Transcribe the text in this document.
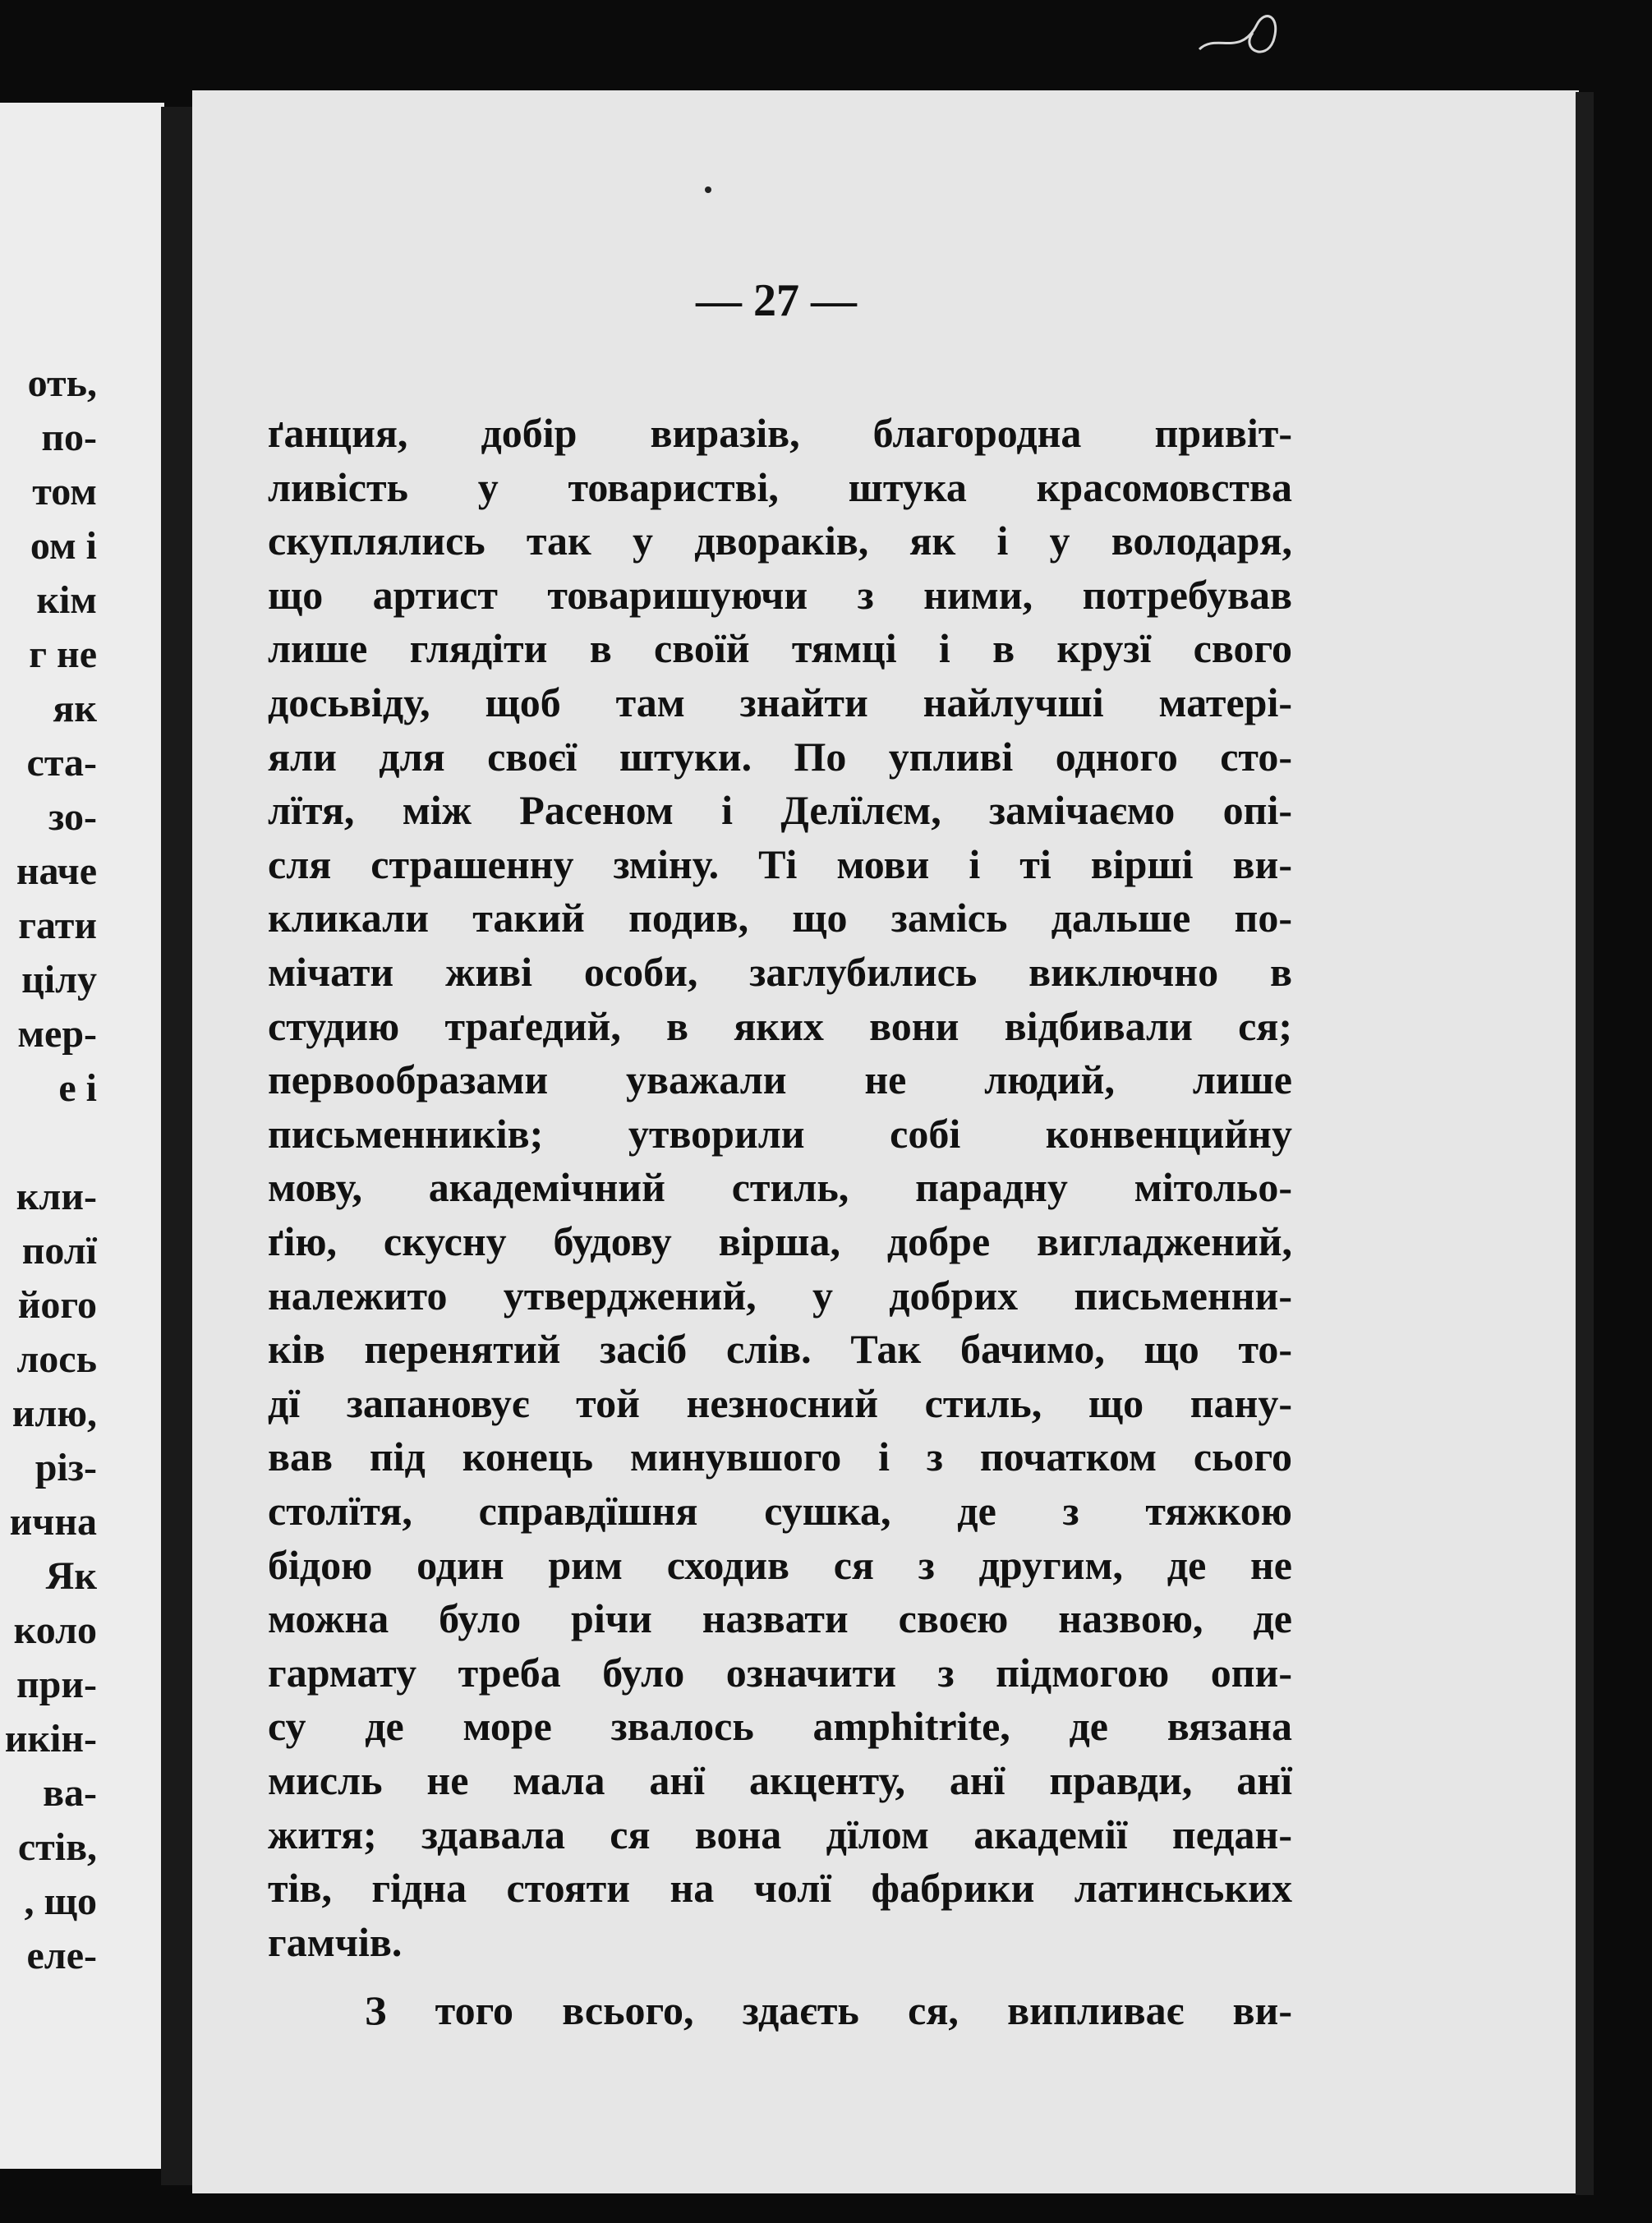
оть,
по-
том
ом і
кім
г не
як
ста-
зо-
наче
гати
цілу
мер-
е і
кли-
полї
його
лось
илю,
різ-
ична
Як
коло
при-
икін-
ва-
стів,
, що
еле-
— 27 —
ґанция, добір виразів, благородна привіт-
ливість у товаристві, штука красомовства
скуплялись так у двораків, як і у володаря,
що артист товаришуючи з ними, потребував
лише глядіти в своїй тямці і в крузї свого
досьвіду, щоб там знайти найлучші матері-
яли для своєї штуки. По упливі одного сто-
лїтя, між Расеном і Делїлєм, замічаємо опі-
сля страшенну зміну. Ті мови і ті вірші ви-
кликали такий подив, що замісь дальше по-
мічати живі особи, заглубились виключно в
студию траґедий, в яких вони відбивали ся;
первообразами уважали не людий, лише
письменників; утворили собі конвенцийну
мову, академічний стиль, парадну мітольо-
ґію, скусну будову вірша, добре вигладжений,
належито утверджений, у добрих письменни-
ків перенятий засіб слів. Так бачимо, що то-
дї запановує той незносний стиль, що пану-
вав під конець минувшого і з початком сього
столїтя, справдїшня сушка, де з тяжкою
бідою один рим сходив ся з другим, де не
можна було річи назвати своєю назвою, де
гармату треба було означити з підмогою опи-
су де море звалось amphitrite, де вязана
мисль не мала анї акценту, анї правди, анї
житя; здавала ся вона дїлом академії педан-
тів, гідна стояти на чолї фабрики латинських
гамчів.
З того всього, здаєть ся, випливає ви-
